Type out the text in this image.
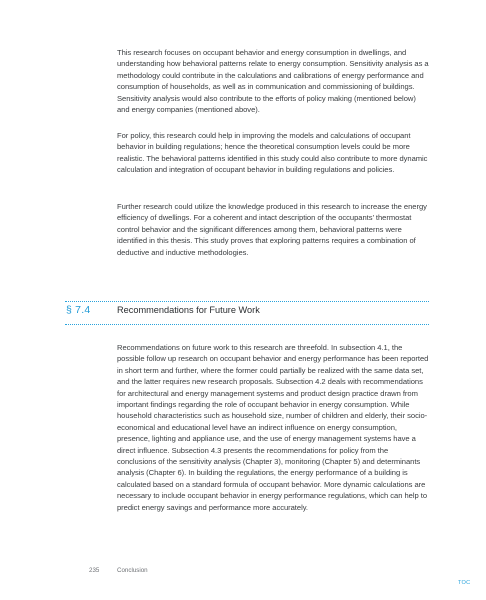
This research focuses on occupant behavior and energy consumption in dwellings, and understanding how behavioral patterns relate to energy consumption. Sensitivity analysis as a methodology could contribute in the calculations and calibrations of energy performance and consumption of households, as well as in communication and commissioning of buildings. Sensitivity analysis would also contribute to the efforts of policy making (mentioned below) and energy companies (mentioned above).

For policy, this research could help in improving the models and calculations of occupant behavior in building regulations; hence the theoretical consumption levels could be more realistic. The behavioral patterns identified in this study could also contribute to more dynamic calculation and integration of occupant behavior in building regulations and policies.

Further research could utilize the knowledge produced in this research to increase the energy efficiency of dwellings. For a coherent and intact description of the occupants’ thermostat control behavior and the significant differences among them, behavioral patterns were identified in this thesis. This study proves that exploring patterns requires a combination of deductive and inductive methodologies.

§ 7.4	Recommendations for Future Work

Recommendations on future work to this research are threefold. In subsection 4.1, the possible follow up research on occupant behavior and energy performance has been reported in short term and further, where the former could partially be realized with the same data set, and the latter requires new research proposals. Subsection 4.2 deals with recommendations for architectural and energy management systems and product design practice drawn from important findings regarding the role of occupant behavior in energy consumption. While household characteristics such as household size, number of children and elderly, their socio-economical and educational level have an indirect influence on energy consumption, presence, lighting and appliance use, and the use of energy management systems have a direct influence. Subsection 4.3 presents the recommendations for policy from the conclusions of the sensitivity analysis (Chapter 3), monitoring (Chapter 5) and determinants analysis (Chapter 6). In building the regulations, the energy performance of a building is calculated based on a standard formula of occupant behavior. More dynamic calculations are necessary to include occupant behavior in energy performance regulations, which can help to predict energy savings and performance more accurately.

235	Conclusion
TOC
